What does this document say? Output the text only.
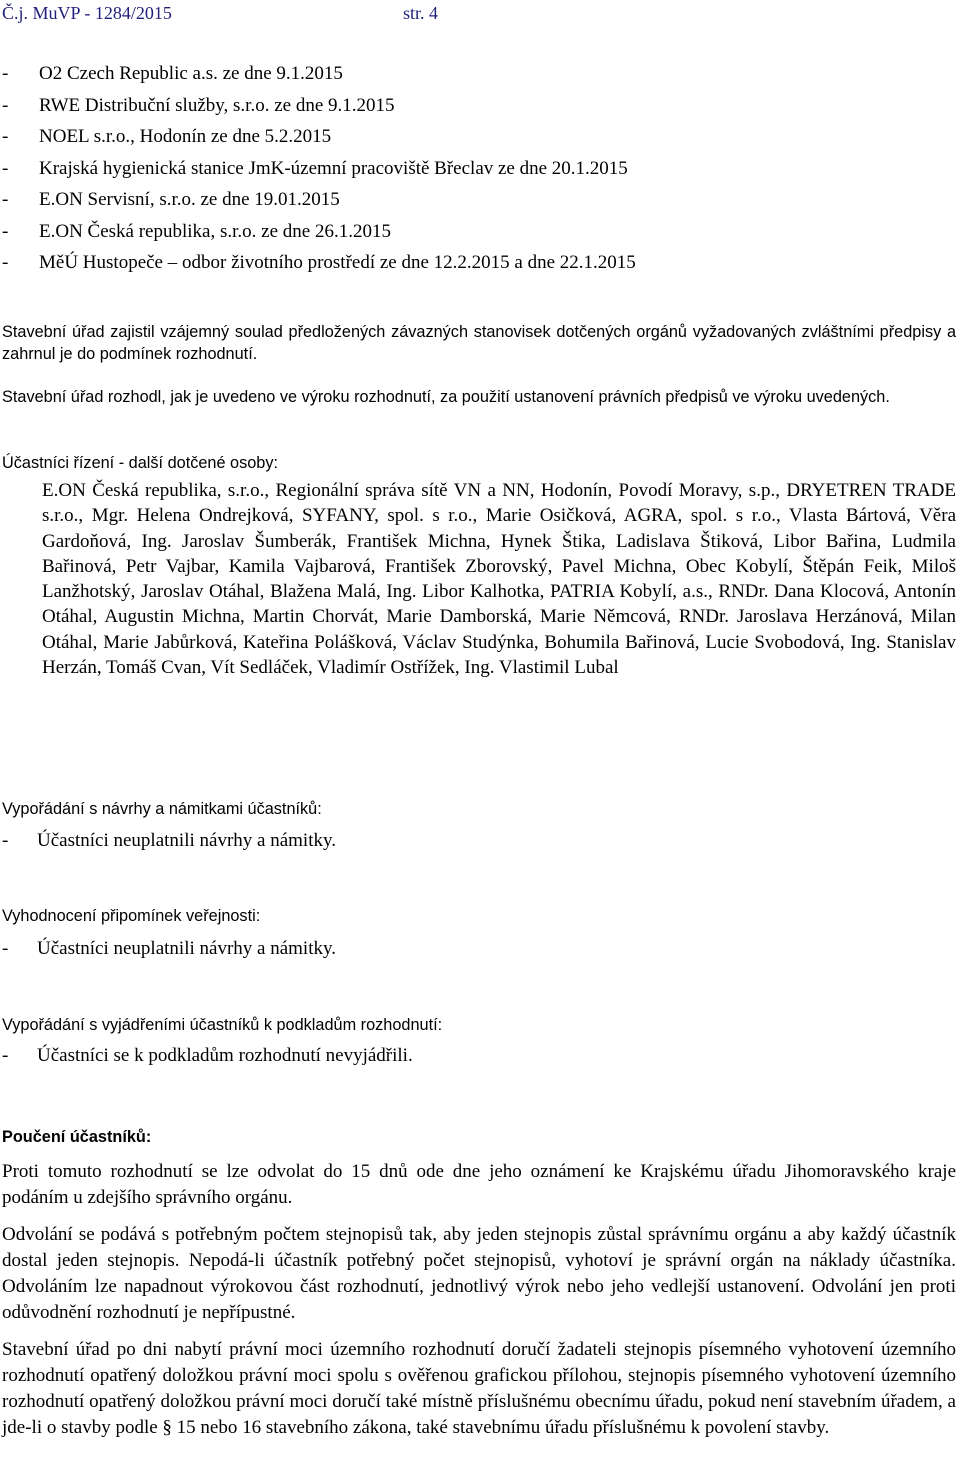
Č.j. MuVP - 1284/2015	str. 4
-	O2 Czech Republic a.s. ze dne 9.1.2015
-	RWE Distribuční služby, s.r.o. ze dne 9.1.2015
-	NOEL s.r.o., Hodonín ze dne 5.2.2015
-	Krajská hygienická stanice JmK-územní pracoviště Břeclav ze dne 20.1.2015
-	E.ON Servisní, s.r.o. ze dne 19.01.2015
-	E.ON Česká republika, s.r.o. ze dne 26.1.2015
-	MěÚ Hustopeče – odbor životního prostředí ze dne 12.2.2015 a dne 22.1.2015
Stavební úřad zajistil vzájemný soulad předložených závazných stanovisek dotčených orgánů vyžadovaných zvláštními předpisy a zahrnul je do podmínek rozhodnutí.
Stavební úřad rozhodl, jak je uvedeno ve výroku rozhodnutí, za použití ustanovení právních předpisů ve výroku uvedených.
Účastníci řízení - další dotčené osoby:
E.ON Česká republika, s.r.o., Regionální správa sítě VN a NN, Hodonín, Povodí Moravy, s.p., DRYETREN TRADE s.r.o., Mgr. Helena Ondrejková, SYFANY, spol. s r.o., Marie Osičková, AGRA, spol. s r.o., Vlasta Bártová, Věra Gardoňová, Ing. Jaroslav Šumberák, František Michna, Hynek Štika, Ladislava Štiková, Libor Bařina, Ludmila Bařinová, Petr Vajbar, Kamila Vajbarová, František Zborovský, Pavel Michna, Obec Kobylí, Štěpán Feik, Miloš Lanžhotský, Jaroslav Otáhal, Blažena Malá, Ing. Libor Kalhotka, PATRIA Kobylí, a.s., RNDr. Dana Klocová, Antonín Otáhal, Augustin Michna, Martin Chorvát, Marie Damborská, Marie Němcová, RNDr. Jaroslava Herzánová, Milan Otáhal, Marie Jabůrková, Kateřina Polášková, Václav Studýnka, Bohumila Bařinová, Lucie Svobodová, Ing. Stanislav Herzán, Tomáš Cvan, Vít Sedláček, Vladimír Ostřížek, Ing. Vlastimil Lubal
Vypořádání s návrhy a námitkami účastníků:
-	Účastníci neuplatnili návrhy a námitky.
Vyhodnocení připomínek veřejnosti:
-	Účastníci neuplatnili návrhy a námitky.
Vypořádání s vyjádřeními účastníků k podkladům rozhodnutí:
-	Účastníci se k podkladům rozhodnutí nevyjádřili.
Poučení účastníků:
Proti tomuto rozhodnutí se lze odvolat do 15 dnů ode dne jeho oznámení ke Krajskému úřadu Jihomoravského kraje podáním u zdejšího správního orgánu.
Odvolání se podává s potřebným počtem stejnopisů tak, aby jeden stejnopis zůstal správnímu orgánu a aby každý účastník dostal jeden stejnopis. Nepodá-li účastník potřebný počet stejnopisů, vyhotoví je správní orgán na náklady účastníka. Odvoláním lze napadnout výrokovou část rozhodnutí, jednotlivý výrok nebo jeho vedlejší ustanovení. Odvolání jen proti odůvodnění rozhodnutí je nepřípustné.
Stavební úřad po dni nabytí právní moci územního rozhodnutí doručí žadateli stejnopis písemného vyhotovení územního rozhodnutí opatřený doložkou právní moci spolu s ověřenou grafickou přílohou, stejnopis písemného vyhotovení územního rozhodnutí opatřený doložkou právní moci doručí také místně příslušnému obecnímu úřadu, pokud není stavebním úřadem, a jde-li o stavby podle § 15 nebo 16 stavebního zákona, také stavebnímu úřadu příslušnému k povolení stavby.
